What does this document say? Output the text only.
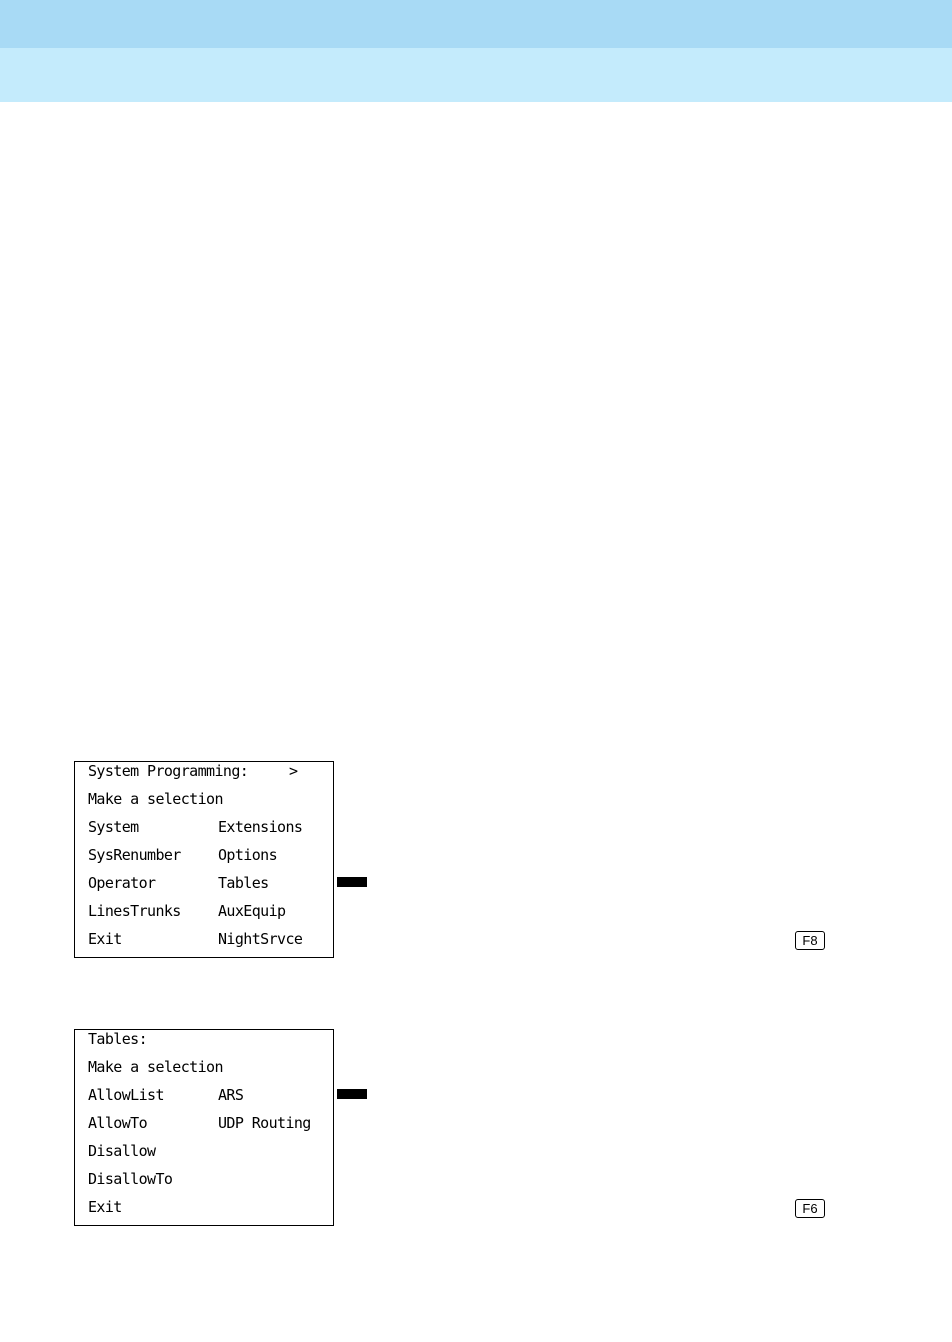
System Programming:	>
Make a selection
System	Extensions
SysRenumber Options
Operator	Tables
LinesTrunks AuxEquip
Exit	NightSrvce	F8
Tables:
Make a selection
AllowList	ARS
AllowTo	UDP Routing
Disallow
DisallowTo
Exit	F6
